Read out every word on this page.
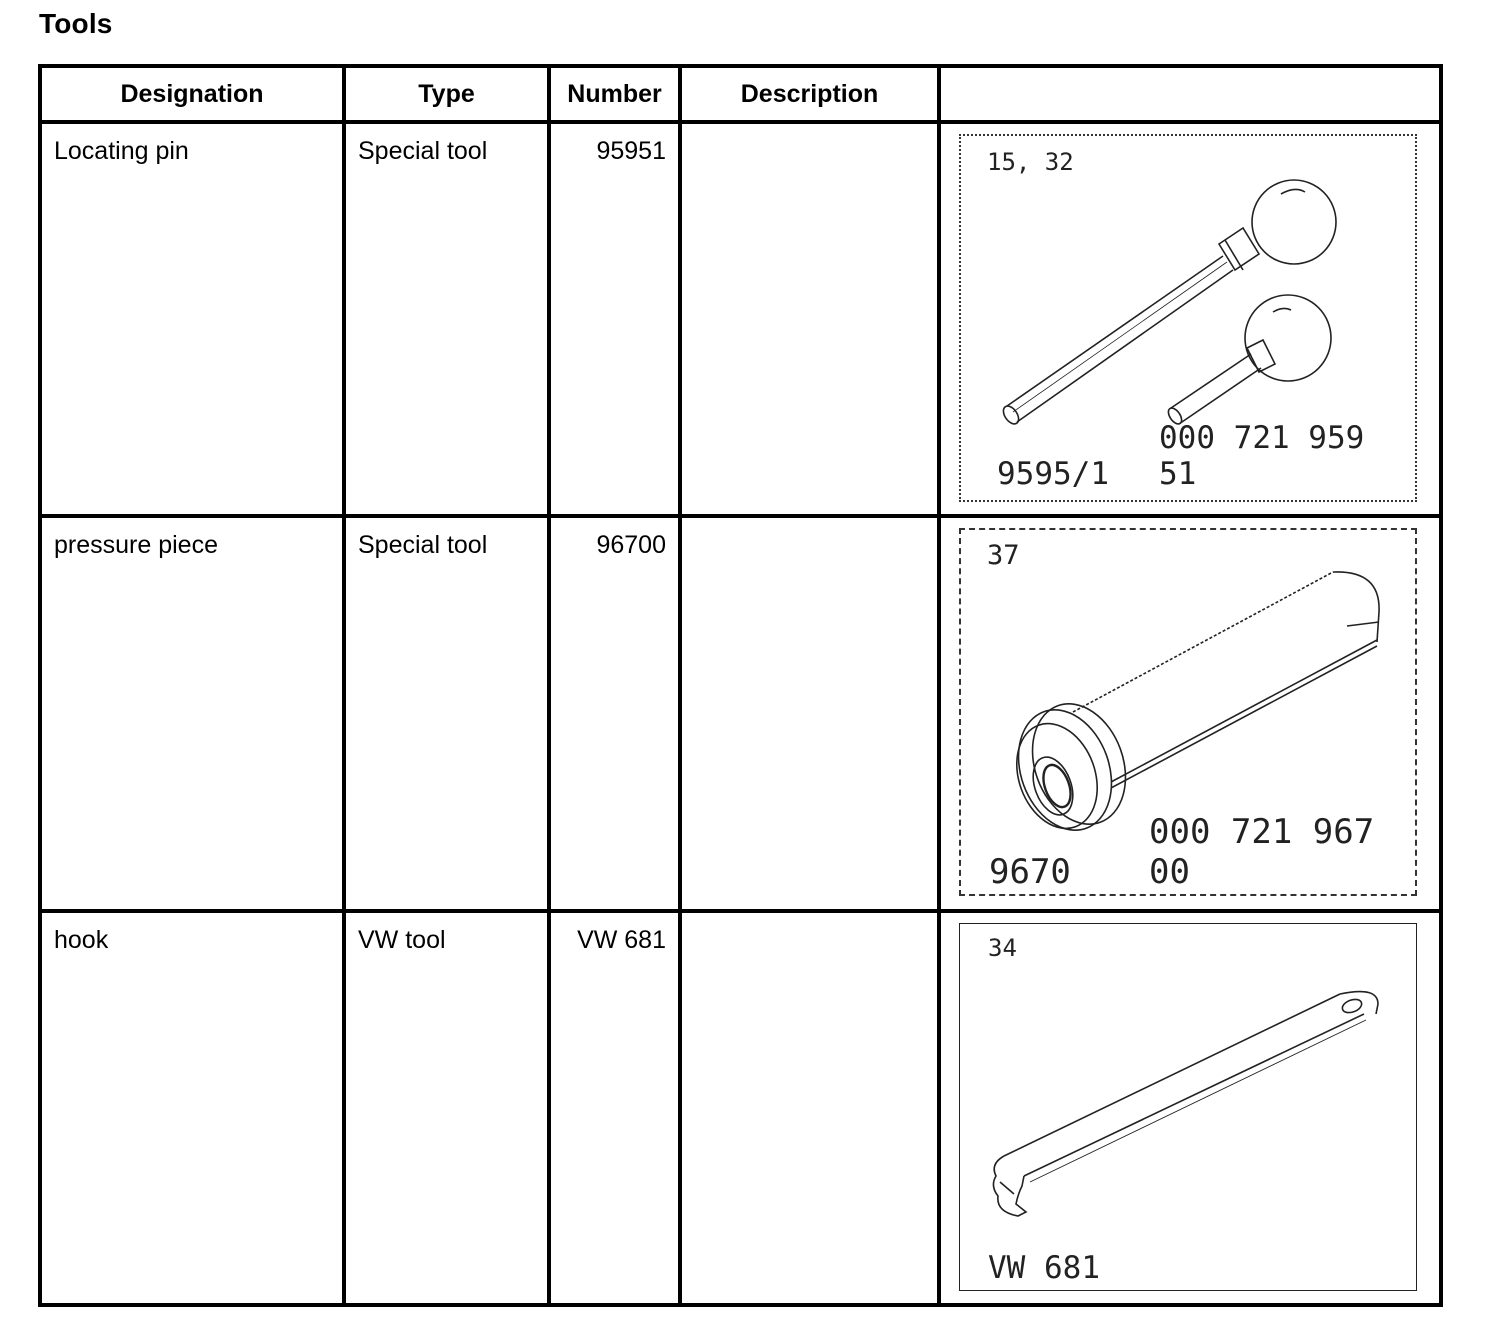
Tools
Designation	Type	Number	Description	

Locating pin	Special tool	95951		15, 32
9595/1
000 721 959 51

pressure piece	Special tool	96700		37
9670
000 721 967 00

hook	VW tool	VW 681		34
VW 681
